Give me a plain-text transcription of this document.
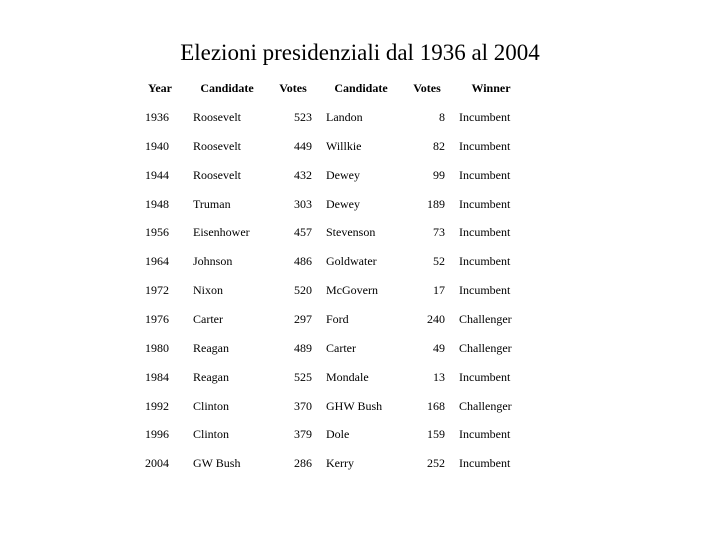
Elezioni presidenziali dal 1936 al 2004
Year	Candidate	Votes	Candidate	Votes	Winner
1936 Roosevelt	523 Landon	8 Incumbent
1940 Roosevelt	449 Willkie	82 Incumbent
1944 Roosevelt	432 Dewey	99 Incumbent
1948 Truman	303 Dewey	189 Incumbent
1956 Eisenhower	457 Stevenson	73 Incumbent
1964 Johnson	486 Goldwater	52 Incumbent
1972 Nixon	520 McGovern	17 Incumbent
1976 Carter	297 Ford	240 Challenger
1980 Reagan	489 Carter	49 Challenger
1984 Reagan	525 Mondale	13 Incumbent
1992 Clinton	370 GHW Bush	168 Challenger
1996 Clinton	379 Dole	159 Incumbent
2004 GW Bush	286 Kerry	252 Incumbent
